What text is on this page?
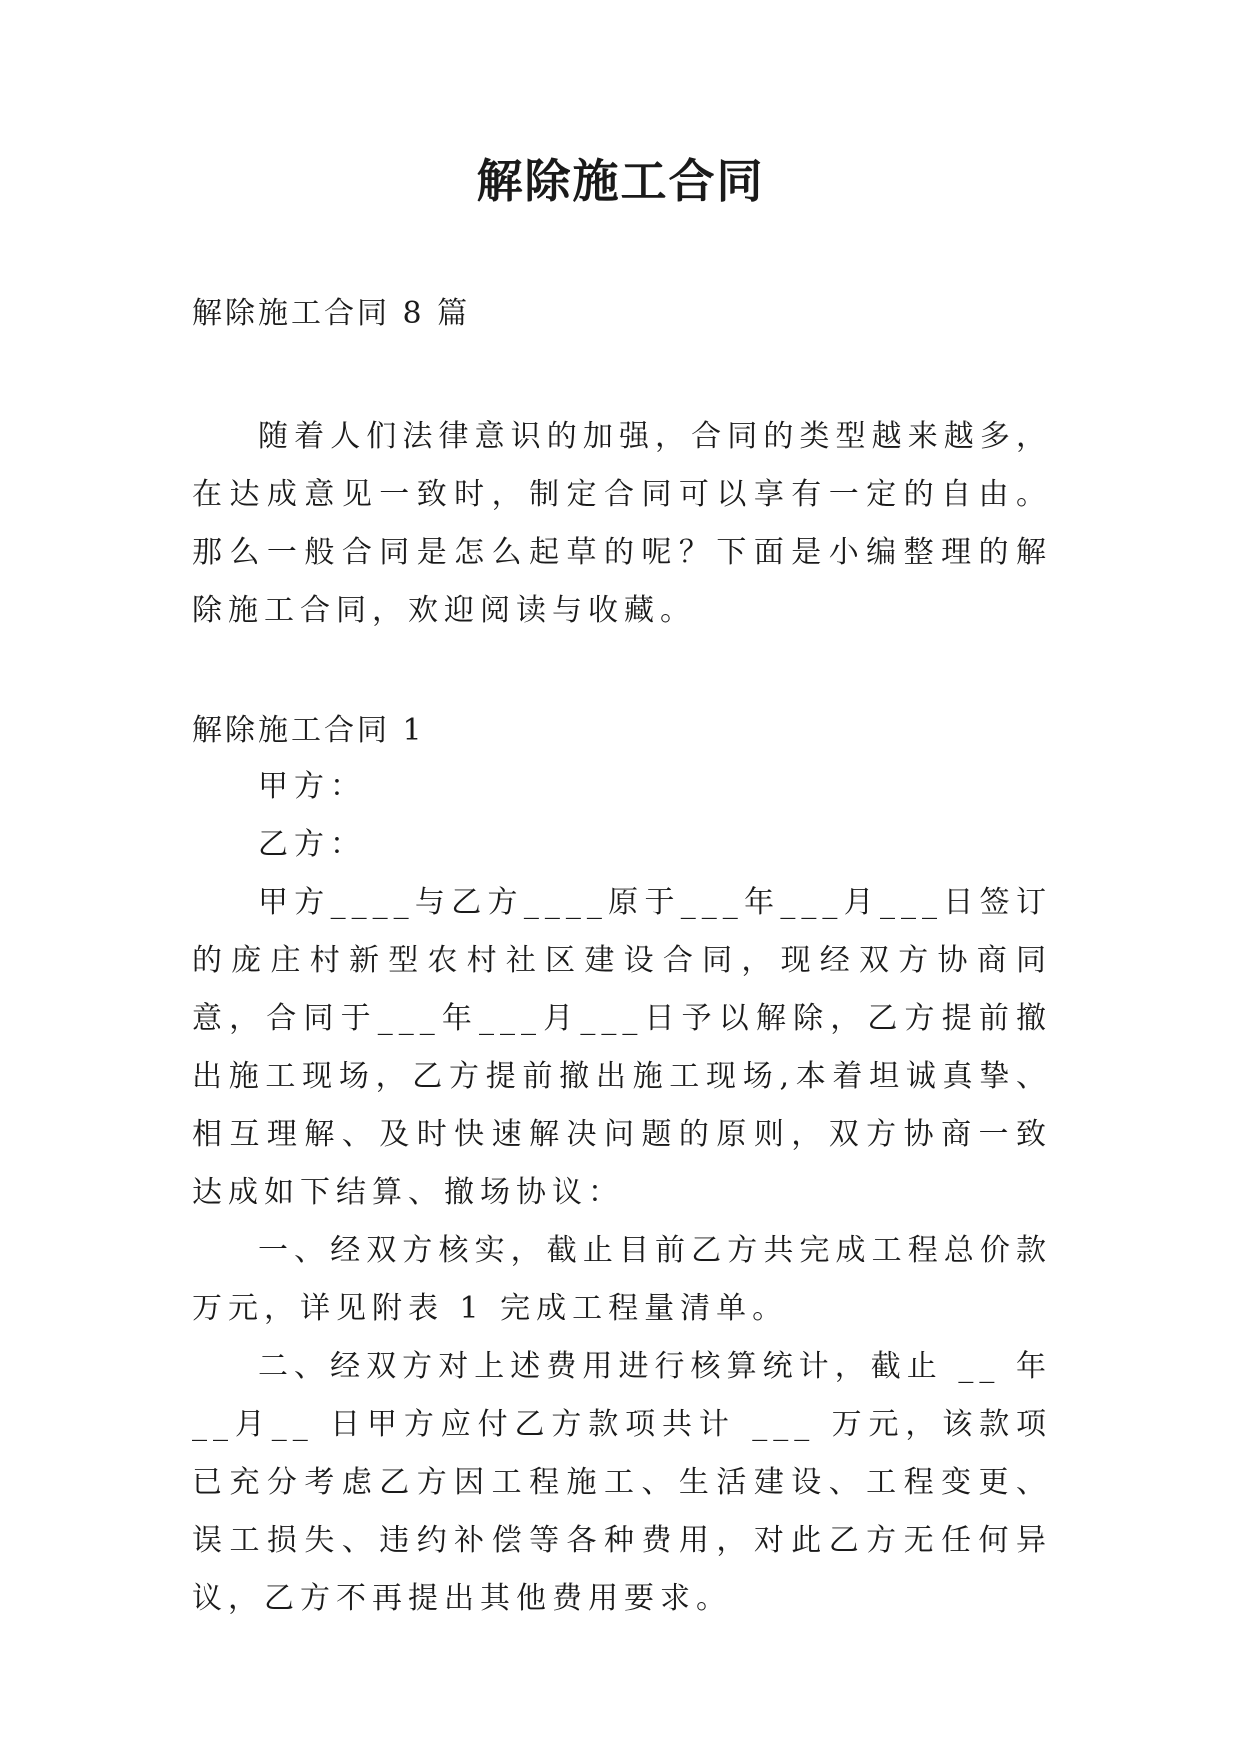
解除施工合同
解除施工合同 8 篇

随着人们法律意识的加强，合同的类型越来越多，在达成意见一致时，制定合同可以享有一定的自由。那么一般合同是怎么起草的呢？下面是小编整理的解除施工合同，欢迎阅读与收藏。

解除施工合同 1

甲方：

乙方：

甲方____与乙方____原于___年___月___日签订的庞庄村新型农村社区建设合同，现经双方协商同意，合同于___年___月___日予以解除，乙方提前撤出施工现场，乙方提前撤出施工现场,本着坦诚真挚、相互理解、及时快速解决问题的原则，双方协商一致达成如下结算、撤场协议：

一、经双方核实，截止目前乙方共完成工程总价款 万元，详见附表 1 完成工程量清单。

二、经双方对上述费用进行核算统计，截止 __ 年__月__ 日甲方应付乙方款项共计 ___ 万元，该款项已充分考虑乙方因工程施工、生活建设、工程变更、误工损失、违约补偿等各种费用，对此乙方无任何异议，乙方不再提出其他费用要求。
